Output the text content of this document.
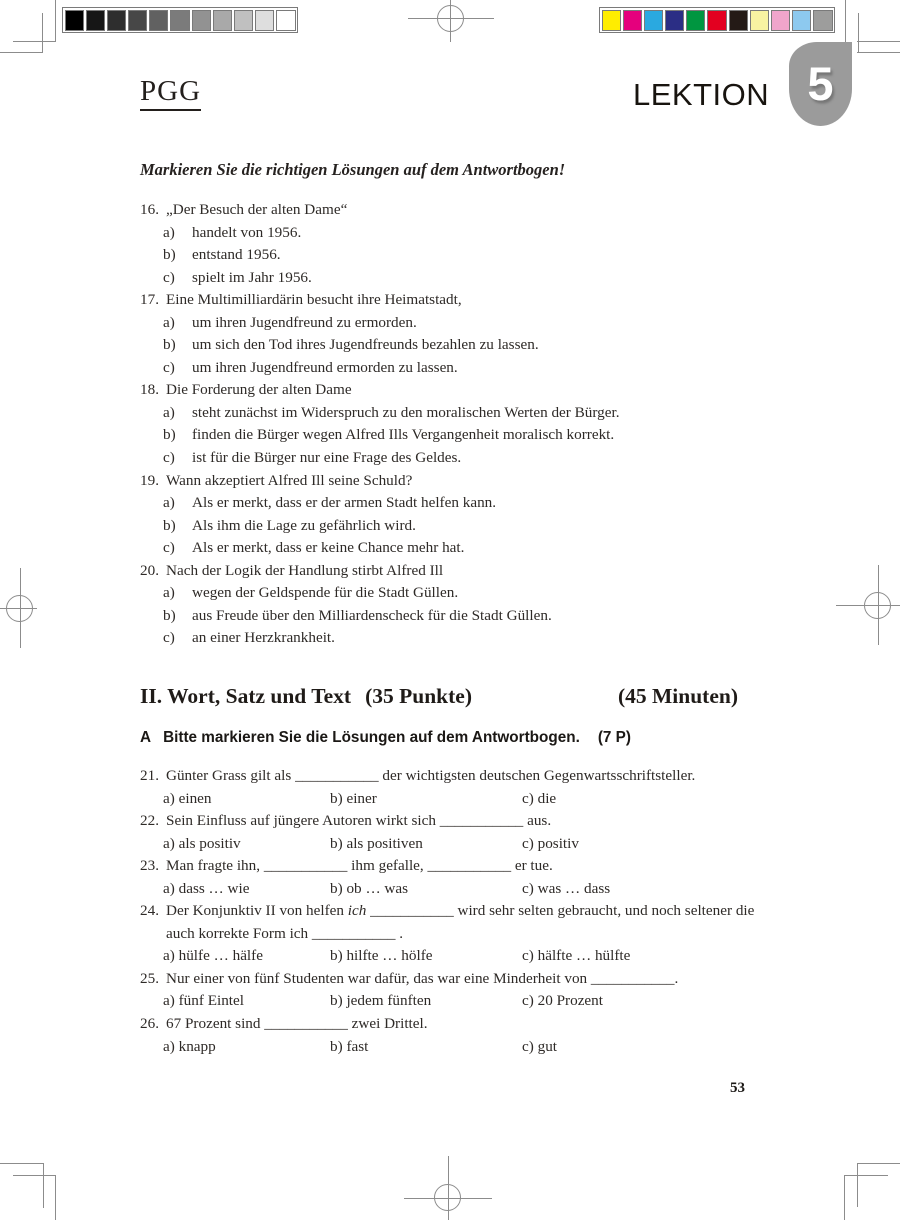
PGG	LEKTION 5
Markieren Sie die richtigen Lösungen auf dem Antwortbogen!
16. „Der Besuch der alten Dame“
a) handelt von 1956.
b) entstand 1956.
c) spielt im Jahr 1956.
17. Eine Multimilliardärin besucht ihre Heimatstadt,
a) um ihren Jugendfreund zu ermorden.
b) um sich den Tod ihres Jugendfreunds bezahlen zu lassen.
c) um ihren Jugendfreund ermorden zu lassen.
18. Die Forderung der alten Dame
a) steht zunächst im Widerspruch zu den moralischen Werten der Bürger.
b) finden die Bürger wegen Alfred Ills Vergangenheit moralisch korrekt.
c) ist für die Bürger nur eine Frage des Geldes.
19. Wann akzeptiert Alfred Ill seine Schuld?
a) Als er merkt, dass er der armen Stadt helfen kann.
b) Als ihm die Lage zu gefährlich wird.
c) Als er merkt, dass er keine Chance mehr hat.
20. Nach der Logik der Handlung stirbt Alfred Ill
a) wegen der Geldspende für die Stadt Güllen.
b) aus Freude über den Milliardenscheck für die Stadt Güllen.
c) an einer Herzkrankheit.
II. Wort, Satz und Text (35 Punkte)	(45 Minuten)
A Bitte markieren Sie die Lösungen auf dem Antwortbogen. (7 P)
21. Günter Grass gilt als ___________ der wichtigsten deutschen Gegenwartsschriftsteller.
a) einen	b) einer	c) die
22. Sein Einfluss auf jüngere Autoren wirkt sich ___________ aus.
a) als positiv	b) als positiven	c) positiv
23. Man fragte ihn, ___________ ihm gefalle, ___________ er tue.
a) dass … wie	b) ob … was	c) was … dass
24. Der Konjunktiv II von helfen ich ___________ wird sehr selten gebraucht, und noch seltener die
auch korrekte Form ich ___________ .
a) hülfe … hälfe	b) hilfte … hölfe	c) hälfte … hülfte
25. Nur einer von fünf Studenten war dafür, das war eine Minderheit von ___________.
a) fünf Eintel	b) jedem fünften	c) 20 Prozent
26. 67 Prozent sind ___________ zwei Drittel.
a) knapp	b) fast	c) gut
53
